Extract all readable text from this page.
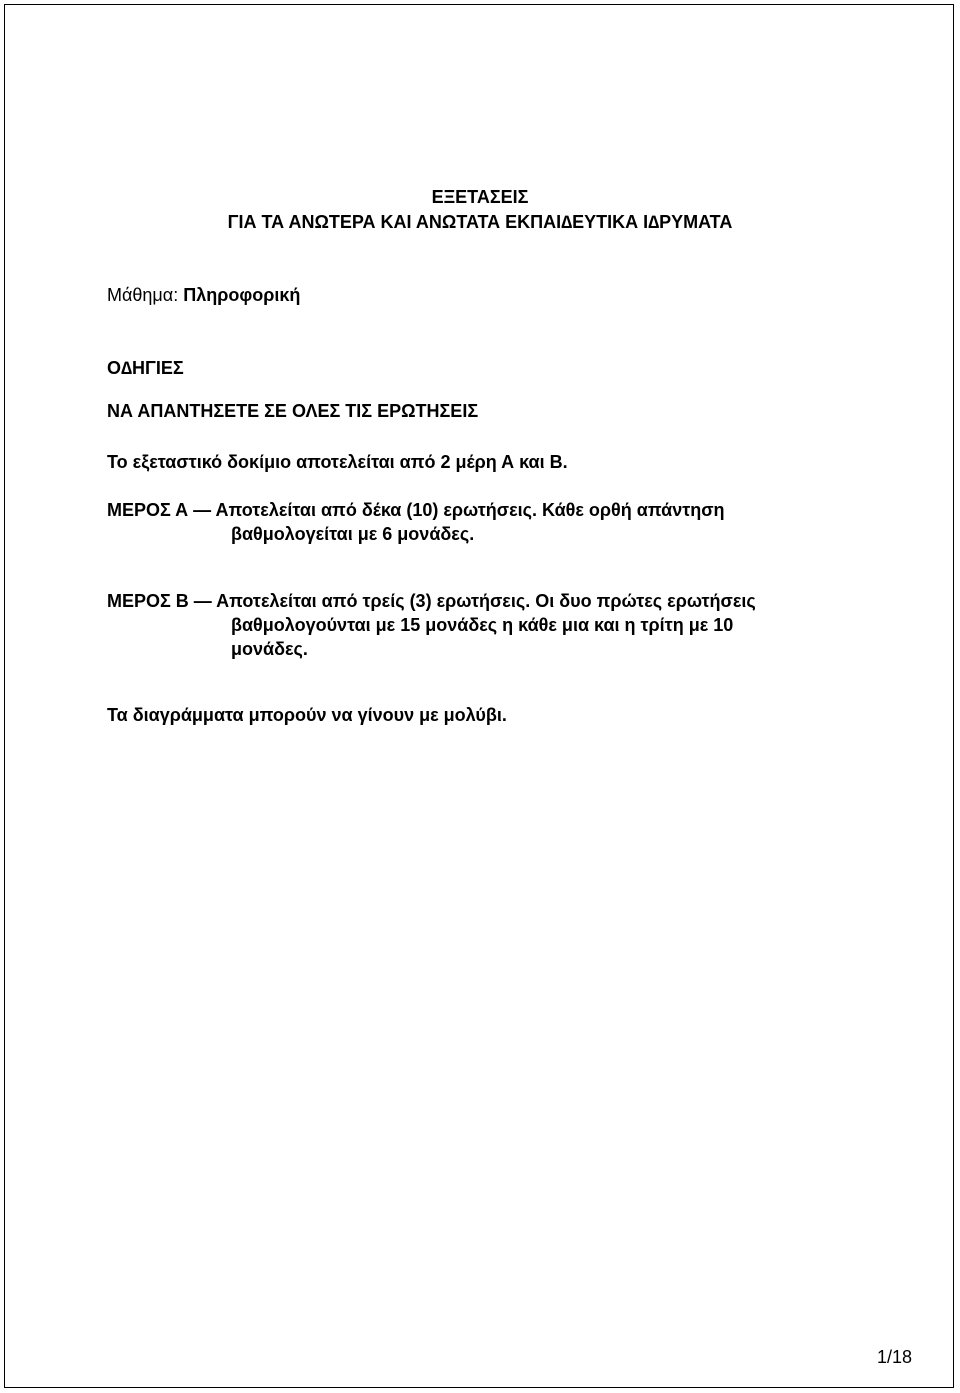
ΕΞΕΤΑΣΕΙΣ
ΓΙΑ ΤΑ ΑΝΩΤΕΡΑ ΚΑΙ ΑΝΩΤΑΤΑ ΕΚΠΑΙ∆ΕΥΤΙΚΑ Ι∆ΡΥΜΑΤΑ
Μάθημα: Πληροφορική
Ο∆ΗΓΙΕΣ
ΝΑ ΑΠΑΝΤΗΣΕΤΕ ΣΕ ΟΛΕΣ ΤΙΣ ΕΡΩΤΗΣΕΙΣ
Το εξεταστικό δοκίμιο αποτελείται από 2 μέρη Α και Β.
ΜΕΡΟΣ Α — Αποτελείται από δέκα (10) ερωτήσεις. Κάθε ορθή απάντηση
βαθμολογείται με 6 μονάδες.
ΜΕΡΟΣ Β — Αποτελείται από τρείς (3) ερωτήσεις. Οι δυο πρώτες ερωτήσεις
βαθμολογούνται με 15 μονάδες η κάθε μια και η τρίτη με 10
μονάδες.
Τα διαγράμματα μπορούν να γίνουν με μολύβι.
1/18
